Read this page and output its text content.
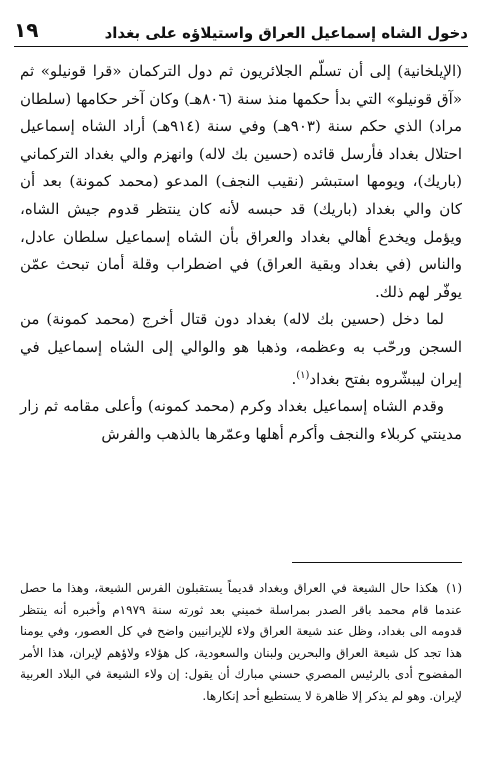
دخول الشاه إسماعيل العراق واستيلاؤه على بغداد
١٩

(الإيلخانية) إلى أن تسلّم الجلائريون ثم دول التركمان «قرا قونيلو» ثم «آق قونيلو» التي بدأ حكمها منذ سنة (٨٠٦هـ) وكان آخر حكامها (سلطان مراد) الذي حكم سنة (٩٠٣هـ) وفي سنة (٩١٤هـ) أراد الشاه إسماعيل احتلال بغداد فأرسل قائده (حسين بك لاله) وانهزم والي بغداد التركماني (باريك)، ويومها استبشر (نقيب النجف) المدعو (محمد كمونة) بعد أن كان والي بغداد (باريك) قد حبسه لأنه كان ينتظر قدوم جيش الشاه، ويؤمل ويخدع أهالي بغداد والعراق بأن الشاه إسماعيل سلطان عادل، والناس (في بغداد وبقية العراق) في اضطراب وقلة أمان تبحث عمّن يوفّر لهم ذلك.

لما دخل (حسين بك لاله) بغداد دون قتال أخرج (محمد كمونة) من السجن ورحّب به وعظمه، وذهبا هو والوالي إلى الشاه إسماعيل في إيران ليبشّروه بفتح بغداد$^{(١)}$.

وقدم الشاه إسماعيل بغداد وكرم (محمد كمونه) وأعلى مقامه ثم زار مدينتي كربلاء والنجف وأكرم أهلها وعمّرها بالذهب والفرش

(١)هكذا حال الشيعة في العراق وبغداد قديماً يستقبلون الفرس الشيعة، وهذا ما حصل عندما قام محمد باقر الصدر بمراسلة خميني بعد ثورته سنة ١٩٧٩م وأخبره أنه ينتظر قدومه الى بغداد، وظل عند شيعة العراق ولاء للإيرانيين واضح في كل العصور، وفي يومنا هذا تجد كل شيعة العراق والبحرين ولبنان والسعودية، كل هؤلاء ولاؤهم لإيران، هذا الأمر المفضوح أدى بالرئيس المصري حسني مبارك أن يقول: إن ولاء الشيعة في البلاد العربية لإيران. وهو لم يذكر إلا ظاهرة لا يستطيع أحد إنكارها.
